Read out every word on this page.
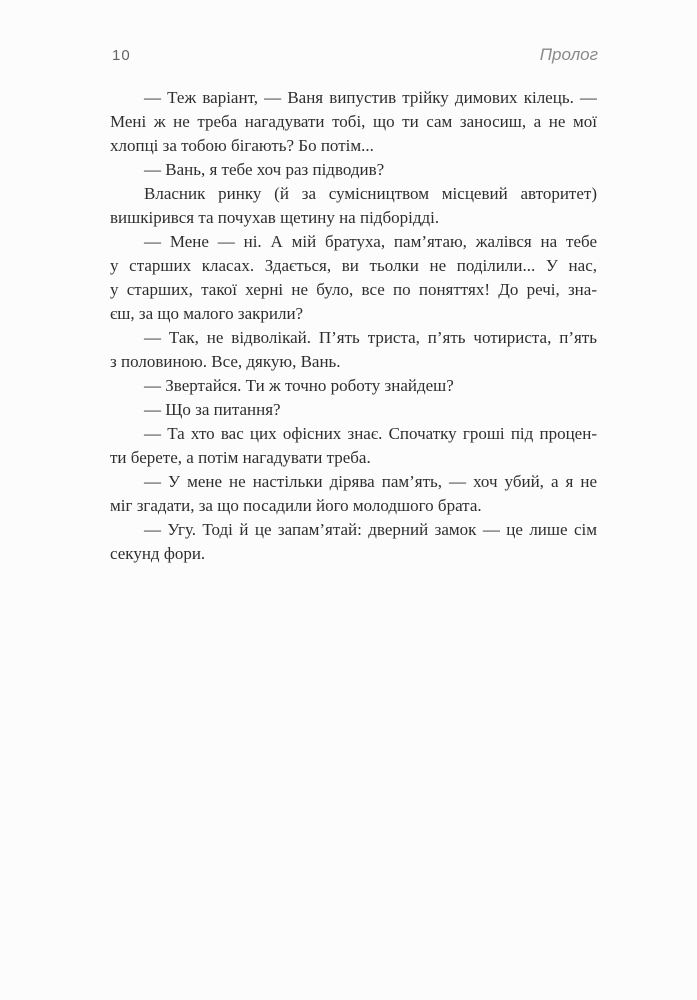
10	Пролог
— Теж варіант, — Ваня випустив трійку димових кілець. —
Мені ж не треба нагадувати тобі, що ти сам заносиш, а не мої
хлопці за тобою бігають? Бо потім...
— Вань, я тебе хоч раз підводив?
Власник ринку (й за сумісництвом місцевий авторитет)
вишкірився та почухав щетину на підборідді.
— Мене — ні. А мій братуха, пам’ятаю, жалівся на тебе
у старших класах. Здається, ви тьолки не поділили... У нас,
у старших, такої херні не було, все по поняттях! До речі, зна-
єш, за що малого закрили?
— Так, не відволікай. П’ять триста, п’ять чотириста, п’ять
з половиною. Все, дякую, Вань.
— Звертайся. Ти ж точно роботу знайдеш?
— Що за питання?
— Та хто вас цих офісних знає. Спочатку гроші під процен-
ти берете, а потім нагадувати треба.
— У мене не настільки дірява пам’ять, — хоч убий, а я не
міг згадати, за що посадили його молодшого брата.
— Угу. Тоді й це запам’ятай: дверний замок — це лише сім
секунд фори.
